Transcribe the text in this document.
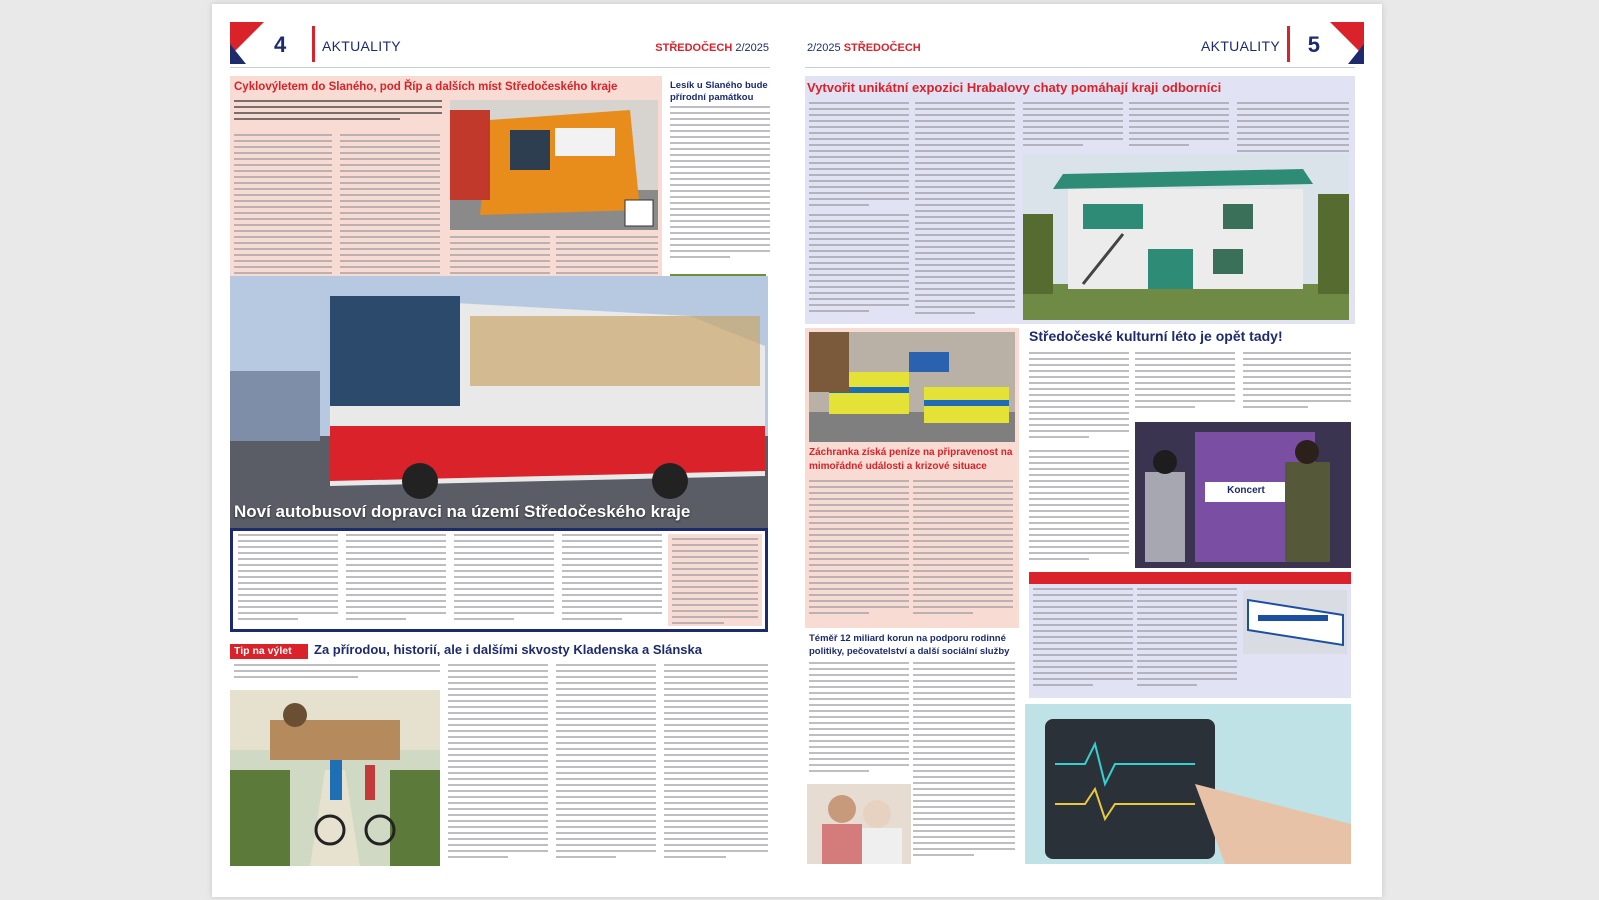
4	AKTUALITY	STŘEDOČECH 2/2025
Cyklovýletem do Slaného, pod Říp a dalších míst Středočeského kraje	Lesík u Slaného bude přírodní památkou
Noví autobusoví dopravci na území Středočeského kraje
Tip na výlet Za přírodou, historií, ale i dalšími skvosty Kladenska a Slánska
2/2025 STŘEDOČECH	AKTUALITY 5
Vytvořit unikátní expozici Hrabalovy chaty pomáhají kraji odborníci
Záchranka získá peníze na připravenost na mimořádné události a krizové situace
Středočeské kulturní léto je opět tady!
Koncert
Téměř 12 miliard korun na podporu rodinné politiky, pečovatelství a další sociální služby
